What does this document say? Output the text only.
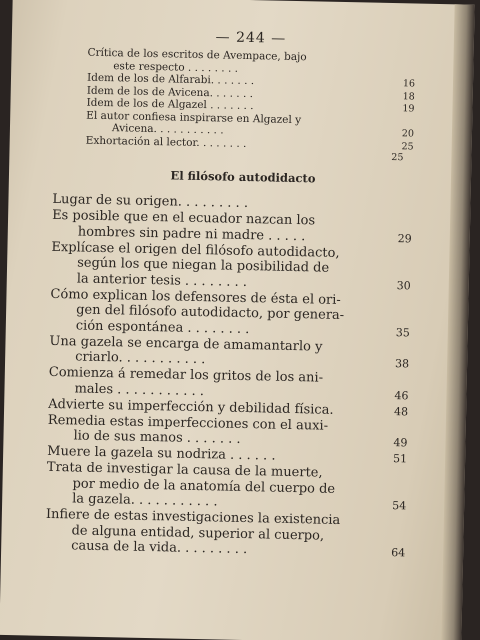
— 244 —
Crítica de los escritos de Avempace, bajo
este respecto . . . . . . . .
Idem de los de Alfarabi. . . . . . .	16
Idem de los de Avicena. . . . . . .	18
Idem de los de Algazel . . . . . . .	19
El autor confiesa inspirarse en Algazel y
Avicena. . . . . . . . . . .	20
Exhortación al lector. . . . . . . .	25
25
El filósofo autodidacto
Lugar de su origen. . . . . . . . .
Es posible que en el ecuador nazcan los
hombres sin padre ni madre . . . . .	29
Explícase el origen del filósofo autodidacto,
según los que niegan la posibilidad de
la anterior tesis . . . . . . . .	30
Cómo explican los defensores de ésta el ori-
gen del filósofo autodidacto, por genera-
ción espontánea . . . . . . . .	35
Una gazela se encarga de amamantarlo y
criarlo. . . . . . . . . . .	38
Comienza á remedar los gritos de los ani-
males . . . . . . . . . . .	46
Advierte su imperfección y debilidad física.	48
Remedia estas imperfecciones con el auxi-
lio de sus manos . . . . . . .	49
Muere la gazela su nodriza . . . . . .	51
Trata de investigar la causa de la muerte,
por medio de la anatomía del cuerpo de
la gazela. . . . . . . . . . .	54
Infiere de estas investigaciones la existencia
de alguna entidad, superior al cuerpo,
causa de la vida. . . . . . . . .	64
